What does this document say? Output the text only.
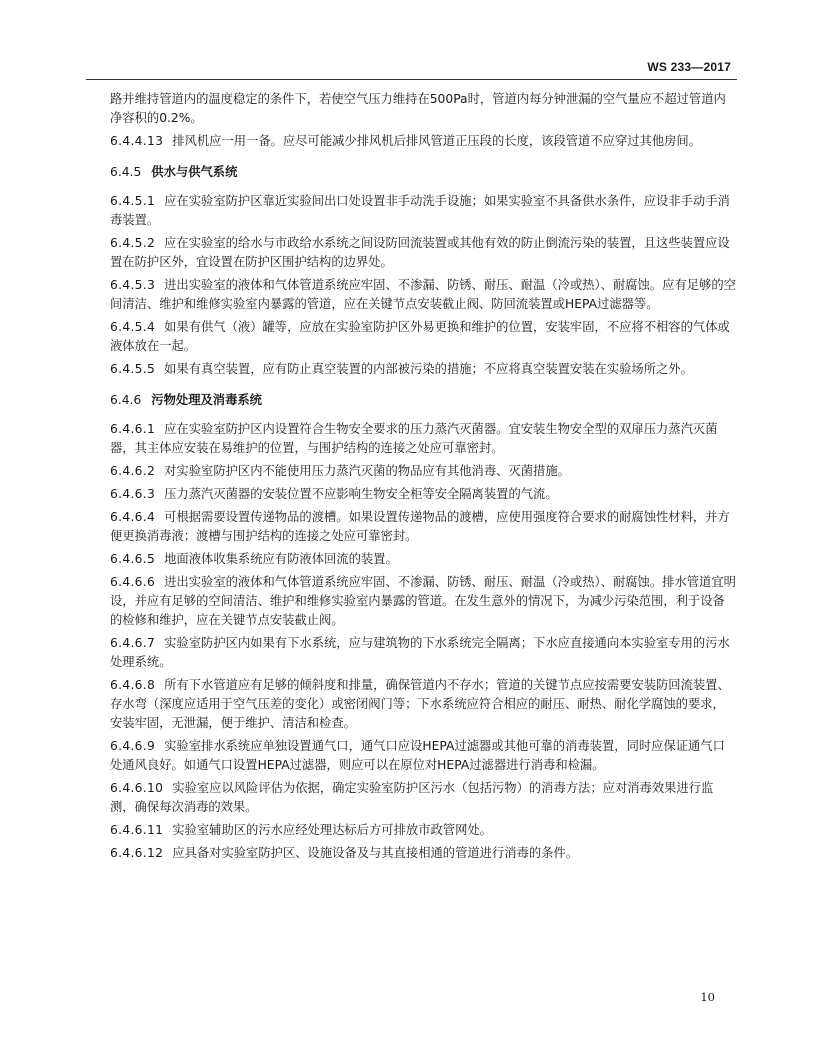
WS 233—2017

路并维持管道内的温度稳定的条件下，若使空气压力维持在500Pa时，管道内每分钟泄漏的空气量应不超过管道内净容积的0.2%。

6.4.4.13 排风机应一用一备。应尽可能减少排风机后排风管道正压段的长度，该段管道不应穿过其他房间。

6.4.5 供水与供气系统

6.4.5.1 应在实验室防护区靠近实验间出口处设置非手动洗手设施；如果实验室不具备供水条件，应设非手动手消毒装置。

6.4.5.2 应在实验室的给水与市政给水系统之间设防回流装置或其他有效的防止倒流污染的装置，且这些装置应设置在防护区外，宜设置在防护区围护结构的边界处。

6.4.5.3 进出实验室的液体和气体管道系统应牢固、不渗漏、防锈、耐压、耐温（冷或热）、耐腐蚀。应有足够的空间清洁、维护和维修实验室内暴露的管道，应在关键节点安装截止阀、防回流装置或HEPA过滤器等。

6.4.5.4 如果有供气（液）罐等，应放在实验室防护区外易更换和维护的位置，安装牢固，不应将不相容的气体或液体放在一起。

6.4.5.5 如果有真空装置，应有防止真空装置的内部被污染的措施；不应将真空装置安装在实验场所之外。

6.4.6 污物处理及消毒系统

6.4.6.1 应在实验室防护区内设置符合生物安全要求的压力蒸汽灭菌器。宜安装生物安全型的双扉压力蒸汽灭菌器，其主体应安装在易维护的位置，与围护结构的连接之处应可靠密封。

6.4.6.2 对实验室防护区内不能使用压力蒸汽灭菌的物品应有其他消毒、灭菌措施。

6.4.6.3 压力蒸汽灭菌器的安装位置不应影响生物安全柜等安全隔离装置的气流。

6.4.6.4 可根据需要设置传递物品的渡槽。如果设置传递物品的渡槽，应使用强度符合要求的耐腐蚀性材料，并方便更换消毒液；渡槽与围护结构的连接之处应可靠密封。

6.4.6.5 地面液体收集系统应有防液体回流的装置。

6.4.6.6 进出实验室的液体和气体管道系统应牢固、不渗漏、防锈、耐压、耐温（冷或热）、耐腐蚀。排水管道宜明设，并应有足够的空间清洁、维护和维修实验室内暴露的管道。在发生意外的情况下，为减少污染范围，利于设备的检修和维护，应在关键节点安装截止阀。

6.4.6.7 实验室防护区内如果有下水系统，应与建筑物的下水系统完全隔离；下水应直接通向本实验室专用的污水处理系统。

6.4.6.8 所有下水管道应有足够的倾斜度和排量，确保管道内不存水；管道的关键节点应按需要安装防回流装置、存水弯（深度应适用于空气压差的变化）或密闭阀门等；下水系统应符合相应的耐压、耐热、耐化学腐蚀的要求，安装牢固，无泄漏，便于维护、清洁和检查。

6.4.6.9 实验室排水系统应单独设置通气口，通气口应设HEPA过滤器或其他可靠的消毒装置，同时应保证通气口处通风良好。如通气口设置HEPA过滤器，则应可以在原位对HEPA过滤器进行消毒和检漏。

6.4.6.10 实验室应以风险评估为依据，确定实验室防护区污水（包括污物）的消毒方法；应对消毒效果进行监测，确保每次消毒的效果。

6.4.6.11 实验室辅助区的污水应经处理达标后方可排放市政管网处。

6.4.6.12 应具备对实验室防护区、设施设备及与其直接相通的管道进行消毒的条件。

10
